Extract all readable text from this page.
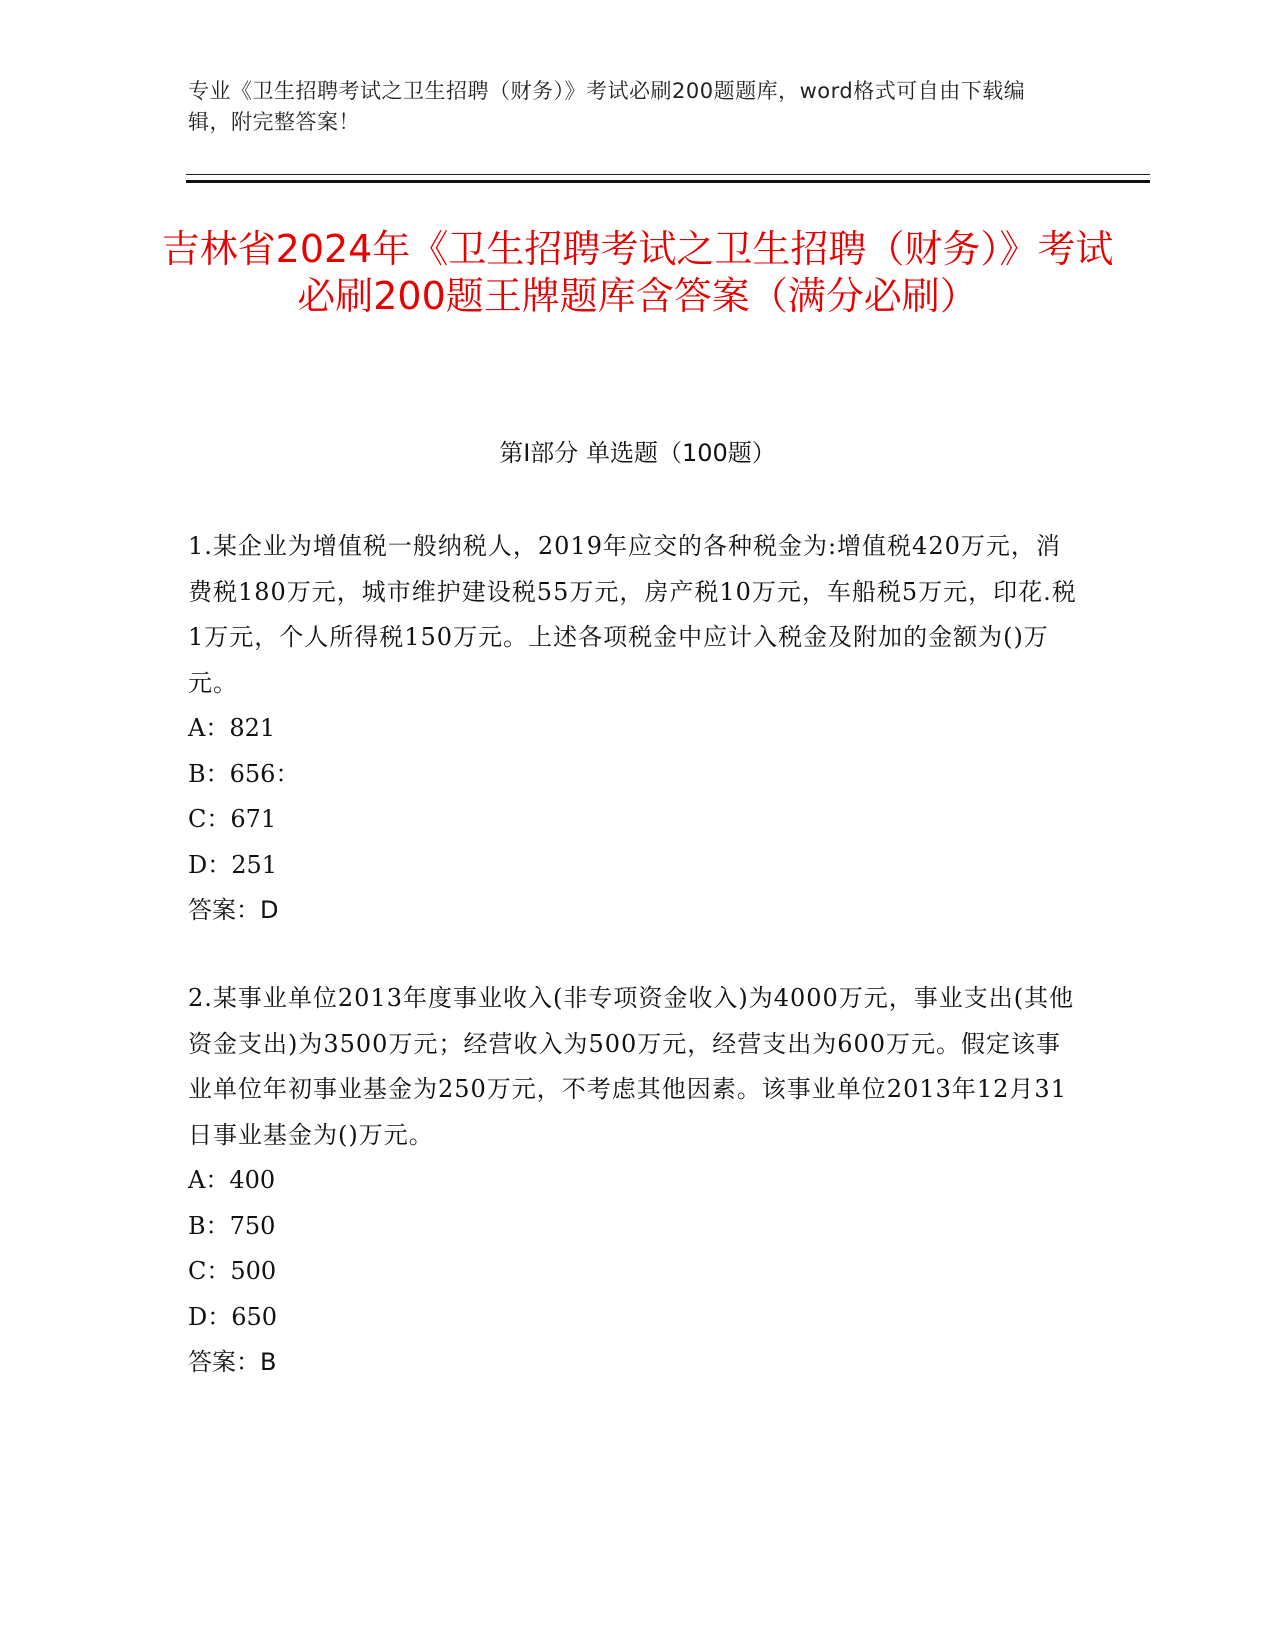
专业《卫生招聘考试之卫生招聘（财务）》考试必刷200题题库，word格式可自由下载编辑，附完整答案！
吉林省2024年《卫生招聘考试之卫生招聘（财务）》考试必刷200题王牌题库含答案（满分必刷）
第I部分 单选题（100题）

1.某企业为增值税一般纳税人，2019年应交的各种税金为:增值税420万元，消费税180万元，城市维护建设税55万元，房产税10万元，车船税5万元，印花.税1万元，个人所得税150万元。上述各项税金中应计入税金及附加的金额为()万元。

A：821

B：656：

C：671

D：251

答案：D

2.某事业单位2013年度事业收入(非专项资金收入)为4000万元，事业支出(其他资金支出)为3500万元；经营收入为500万元，经营支出为600万元。假定该事业单位年初事业基金为250万元，不考虑其他因素。该事业单位2013年12月31日事业基金为()万元。

A：400

B：750

C：500

D：650

答案：B
